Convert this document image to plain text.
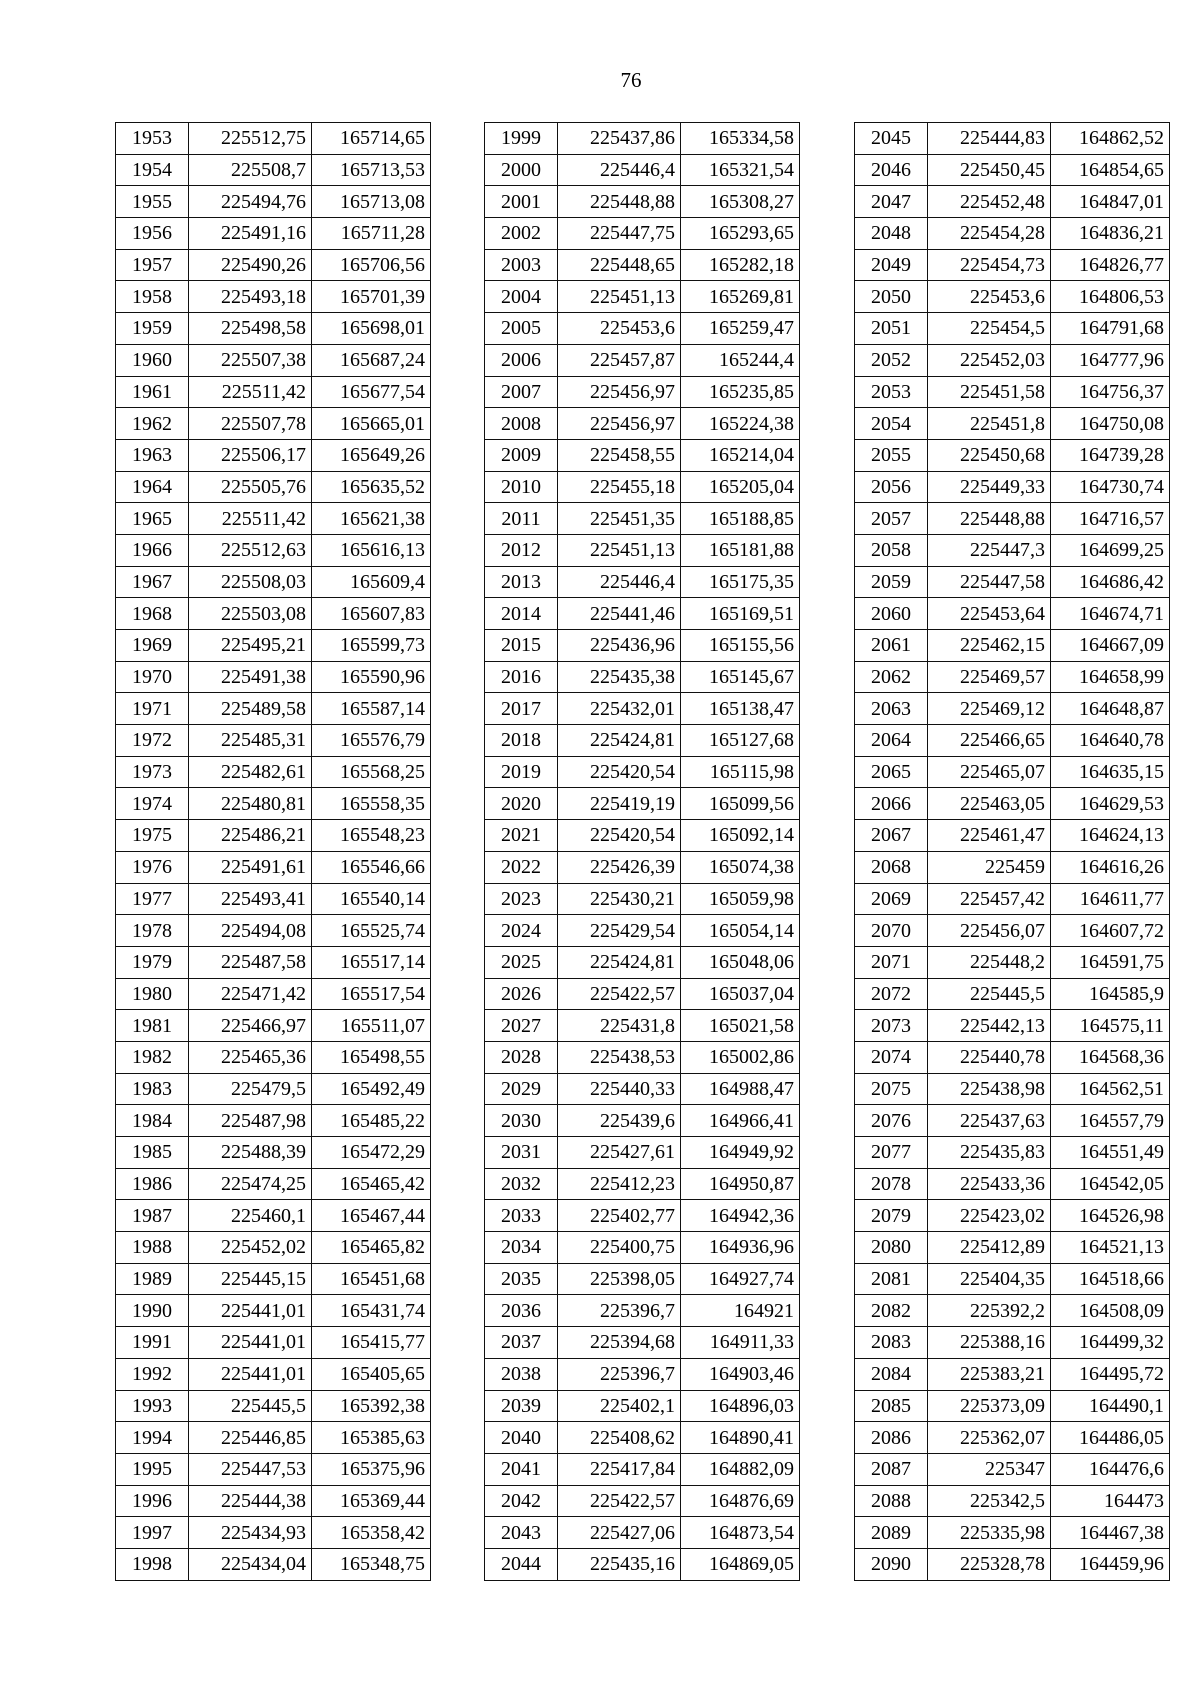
76
1953	225512,75	165714,65
1954	225508,7	165713,53
1955	225494,76	165713,08
1956	225491,16	165711,28
1957	225490,26	165706,56
1958	225493,18	165701,39
1959	225498,58	165698,01
1960	225507,38	165687,24
1961	225511,42	165677,54
1962	225507,78	165665,01
1963	225506,17	165649,26
1964	225505,76	165635,52
1965	225511,42	165621,38
1966	225512,63	165616,13
1967	225508,03	165609,4
1968	225503,08	165607,83
1969	225495,21	165599,73
1970	225491,38	165590,96
1971	225489,58	165587,14
1972	225485,31	165576,79
1973	225482,61	165568,25
1974	225480,81	165558,35
1975	225486,21	165548,23
1976	225491,61	165546,66
1977	225493,41	165540,14
1978	225494,08	165525,74
1979	225487,58	165517,14
1980	225471,42	165517,54
1981	225466,97	165511,07
1982	225465,36	165498,55
1983	225479,5	165492,49
1984	225487,98	165485,22
1985	225488,39	165472,29
1986	225474,25	165465,42
1987	225460,1	165467,44
1988	225452,02	165465,82
1989	225445,15	165451,68
1990	225441,01	165431,74
1991	225441,01	165415,77
1992	225441,01	165405,65
1993	225445,5	165392,38
1994	225446,85	165385,63
1995	225447,53	165375,96
1996	225444,38	165369,44
1997	225434,93	165358,42
1998	225434,04	165348,75
1999	225437,86	165334,58
2000	225446,4	165321,54
2001	225448,88	165308,27
2002	225447,75	165293,65
2003	225448,65	165282,18
2004	225451,13	165269,81
2005	225453,6	165259,47
2006	225457,87	165244,4
2007	225456,97	165235,85
2008	225456,97	165224,38
2009	225458,55	165214,04
2010	225455,18	165205,04
2011	225451,35	165188,85
2012	225451,13	165181,88
2013	225446,4	165175,35
2014	225441,46	165169,51
2015	225436,96	165155,56
2016	225435,38	165145,67
2017	225432,01	165138,47
2018	225424,81	165127,68
2019	225420,54	165115,98
2020	225419,19	165099,56
2021	225420,54	165092,14
2022	225426,39	165074,38
2023	225430,21	165059,98
2024	225429,54	165054,14
2025	225424,81	165048,06
2026	225422,57	165037,04
2027	225431,8	165021,58
2028	225438,53	165002,86
2029	225440,33	164988,47
2030	225439,6	164966,41
2031	225427,61	164949,92
2032	225412,23	164950,87
2033	225402,77	164942,36
2034	225400,75	164936,96
2035	225398,05	164927,74
2036	225396,7	164921
2037	225394,68	164911,33
2038	225396,7	164903,46
2039	225402,1	164896,03
2040	225408,62	164890,41
2041	225417,84	164882,09
2042	225422,57	164876,69
2043	225427,06	164873,54
2044	225435,16	164869,05
2045	225444,83	164862,52
2046	225450,45	164854,65
2047	225452,48	164847,01
2048	225454,28	164836,21
2049	225454,73	164826,77
2050	225453,6	164806,53
2051	225454,5	164791,68
2052	225452,03	164777,96
2053	225451,58	164756,37
2054	225451,8	164750,08
2055	225450,68	164739,28
2056	225449,33	164730,74
2057	225448,88	164716,57
2058	225447,3	164699,25
2059	225447,58	164686,42
2060	225453,64	164674,71
2061	225462,15	164667,09
2062	225469,57	164658,99
2063	225469,12	164648,87
2064	225466,65	164640,78
2065	225465,07	164635,15
2066	225463,05	164629,53
2067	225461,47	164624,13
2068	225459	164616,26
2069	225457,42	164611,77
2070	225456,07	164607,72
2071	225448,2	164591,75
2072	225445,5	164585,9
2073	225442,13	164575,11
2074	225440,78	164568,36
2075	225438,98	164562,51
2076	225437,63	164557,79
2077	225435,83	164551,49
2078	225433,36	164542,05
2079	225423,02	164526,98
2080	225412,89	164521,13
2081	225404,35	164518,66
2082	225392,2	164508,09
2083	225388,16	164499,32
2084	225383,21	164495,72
2085	225373,09	164490,1
2086	225362,07	164486,05
2087	225347	164476,6
2088	225342,5	164473
2089	225335,98	164467,38
2090	225328,78	164459,96
